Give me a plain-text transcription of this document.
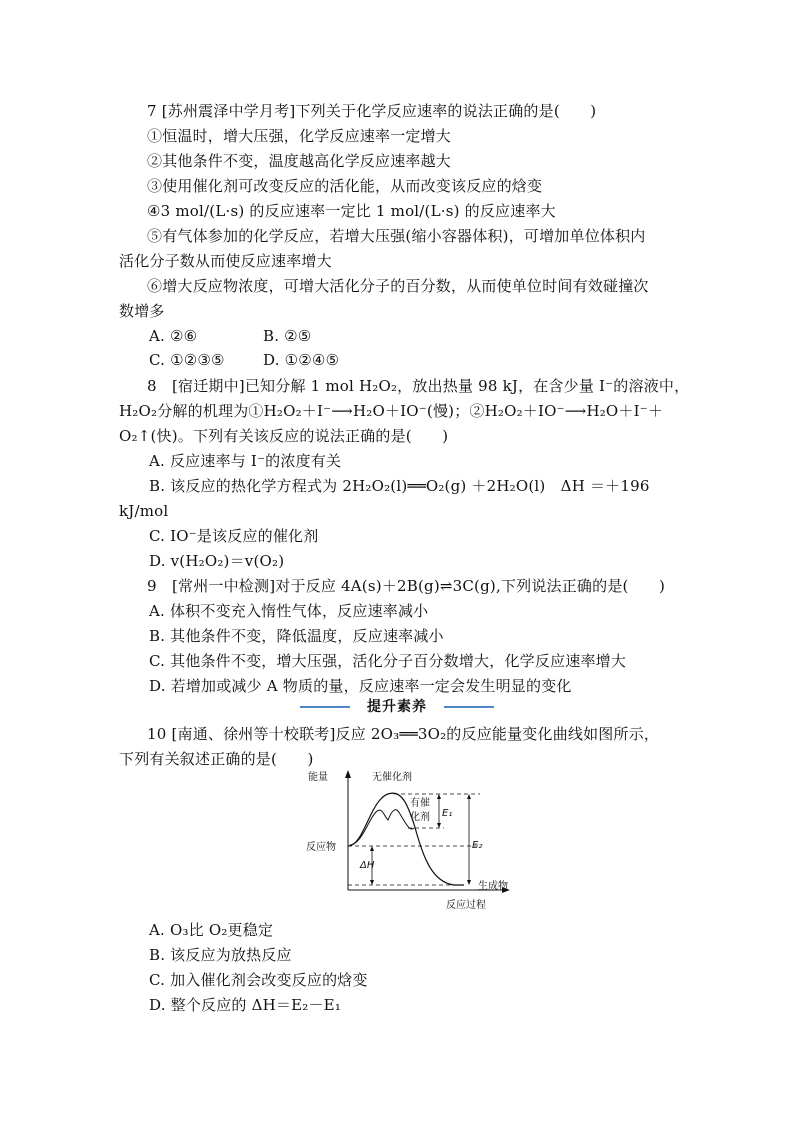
7 [苏州震泽中学月考]下列关于化学反应速率的说法正确的是(　　)
①恒温时，增大压强，化学反应速率一定增大
②其他条件不变，温度越高化学反应速率越大
③使用催化剂可改变反应的活化能，从而改变该反应的焓变
④3 mol/(L·s) 的反应速率一定比 1 mol/(L·s) 的反应速率大
⑤有气体参加的化学反应，若增大压强(缩小容器体积)，可增加单位体积内
活化分子数从而使反应速率增大
⑥增大反应物浓度，可增大活化分子的百分数，从而使单位时间有效碰撞次
数增多
A. ②⑥	B. ②⑤
C. ①②③⑤	D. ①②④⑤
8　[宿迁期中]已知分解 1 mol H₂O₂，放出热量 98 kJ，在含少量 I⁻的溶液中，
H₂O₂分解的机理为①H₂O₂＋I⁻⟶H₂O＋IO⁻(慢)；②H₂O₂＋IO⁻⟶H₂O＋I⁻＋
O₂↑(快)。下列有关该反应的说法正确的是(　　)
A. 反应速率与 I⁻的浓度有关
B. 该反应的热化学方程式为 2H₂O₂(l)══O₂(g) ＋2H₂O(l)　ΔH ＝＋196
kJ/mol
C. IO⁻是该反应的催化剂
D. v(H₂O₂)＝v(O₂)
9　[常州一中检测]对于反应 4A(s)＋2B(g)⇌3C(g),下列说法正确的是(　　)
A. 体积不变充入惰性气体，反应速率减小
B. 其他条件不变，降低温度，反应速率减小
C. 其他条件不变，增大压强，活化分子百分数增大，化学反应速率增大
D. 若增加或减少 A 物质的量，反应速率一定会发生明显的变化
提升素养
10 [南通、徐州等十校联考]反应 2O₃══3O₂的反应能量变化曲线如图所示，
下列有关叙述正确的是(　　)
能量	无催化剂
有催
化剂
反应物
生成物
ΔH
E₁
E₂
反应过程
A. O₃比 O₂更稳定
B. 该反应为放热反应
C. 加入催化剂会改变反应的焓变
D. 整个反应的 ΔH＝E₂－E₁
